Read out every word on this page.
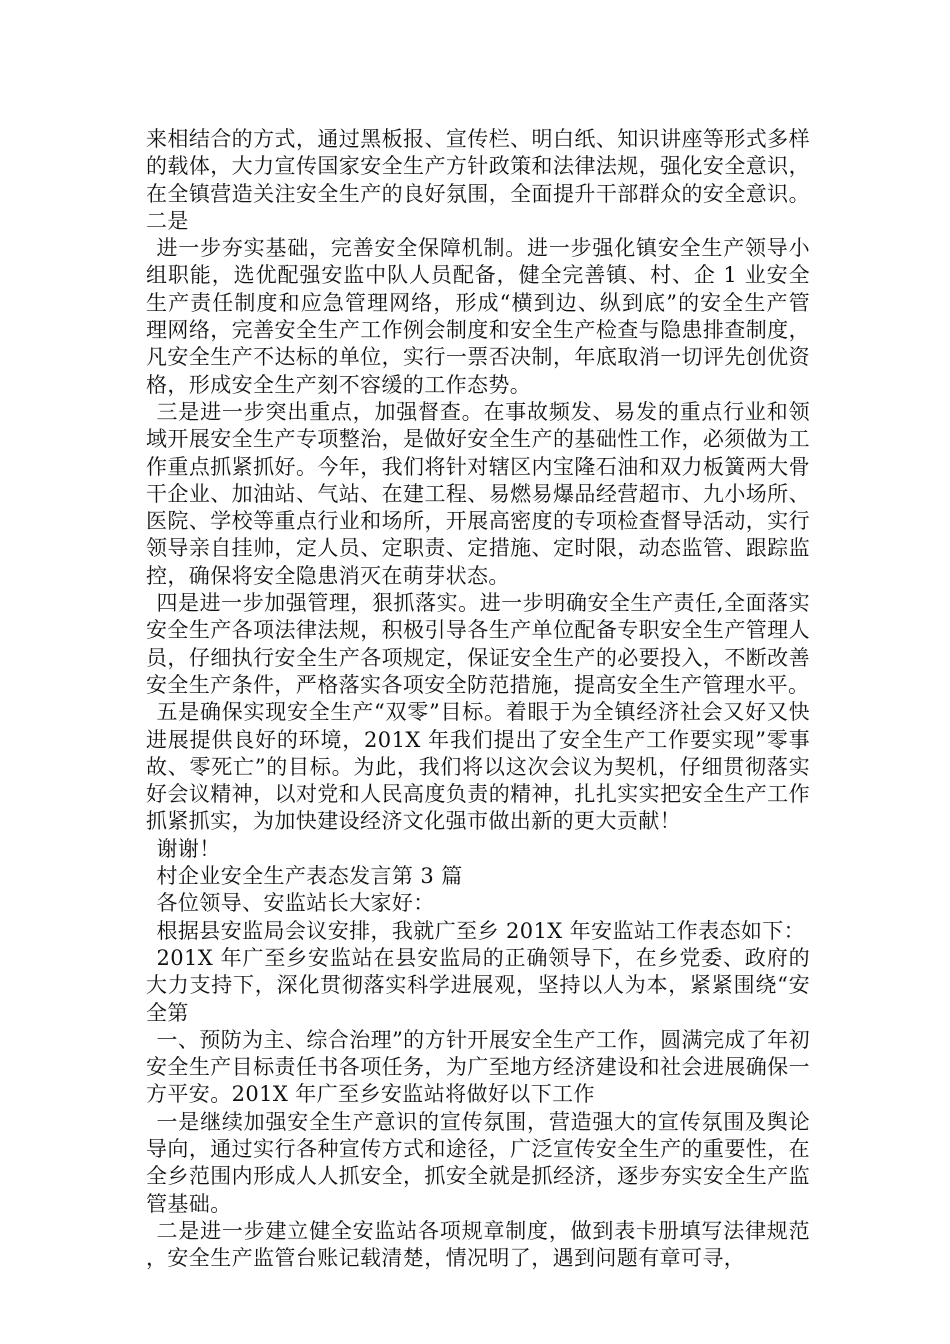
来相结合的方式，通过黑板报、宣传栏、明白纸、知识讲座等形式多样的载体，大力宣传国家安全生产方针政策和法律法规，强化安全意识，在全镇营造关注安全生产的良好氛围，全面提升干部群众的安全意识。二是

进一步夯实基础，完善安全保障机制。进一步强化镇安全生产领导小组职能，选优配强安监中队人员配备，健全完善镇、村、企 1 业安全生产责任制度和应急管理网络，形成“横到边、纵到底”的安全生产管理网络，完善安全生产工作例会制度和安全生产检查与隐患排查制度，凡安全生产不达标的单位，实行一票否决制，年底取消一切评先创优资格，形成安全生产刻不容缓的工作态势。

三是进一步突出重点，加强督查。在事故频发、易发的重点行业和领域开展安全生产专项整治，是做好安全生产的基础性工作，必须做为工作重点抓紧抓好。今年，我们将针对辖区内宝隆石油和双力板簧两大骨干企业、加油站、气站、在建工程、易燃易爆品经营超市、九小场所、医院、学校等重点行业和场所，开展高密度的专项检查督导活动，实行领导亲自挂帅，定人员、定职责、定措施、定时限，动态监管、跟踪监控，确保将安全隐患消灭在萌芽状态。

四是进一步加强管理，狠抓落实。进一步明确安全生产责任,全面落实安全生产各项法律法规，积极引导各生产单位配备专职安全生产管理人员，仔细执行安全生产各项规定，保证安全生产的必要投入，不断改善安全生产条件，严格落实各项安全防范措施，提高安全生产管理水平。

五是确保实现安全生产“双零”目标。着眼于为全镇经济社会又好又快进展提供良好的环境，201X 年我们提出了安全生产工作要实现”零事故、零死亡”的目标。为此，我们将以这次会议为契机，仔细贯彻落实好会议精神，以对党和人民高度负责的精神，扎扎实实把安全生产工作抓紧抓实，为加快建设经济文化强市做出新的更大贡献！

谢谢！

村企业安全生产表态发言第 3 篇

各位领导、安监站长大家好：

根据县安监局会议安排，我就广至乡 201X 年安监站工作表态如下：

201X 年广至乡安监站在县安监局的正确领导下，在乡党委、政府的大力支持下，深化贯彻落实科学进展观，坚持以人为本，紧紧围绕“安全第

一、预防为主、综合治理”的方针开展安全生产工作，圆满完成了年初安全生产目标责任书各项任务，为广至地方经济建设和社会进展确保一方平安。201X 年广至乡安监站将做好以下工作

一是继续加强安全生产意识的宣传氛围，营造强大的宣传氛围及舆论导向，通过实行各种宣传方式和途径，广泛宣传安全生产的重要性，在全乡范围内形成人人抓安全，抓安全就是抓经济，逐步夯实安全生产监管基础。

二是进一步建立健全安监站各项规章制度，做到表卡册填写法律规范，安全生产监管台账记载清楚，情况明了，遇到问题有章可寻，
